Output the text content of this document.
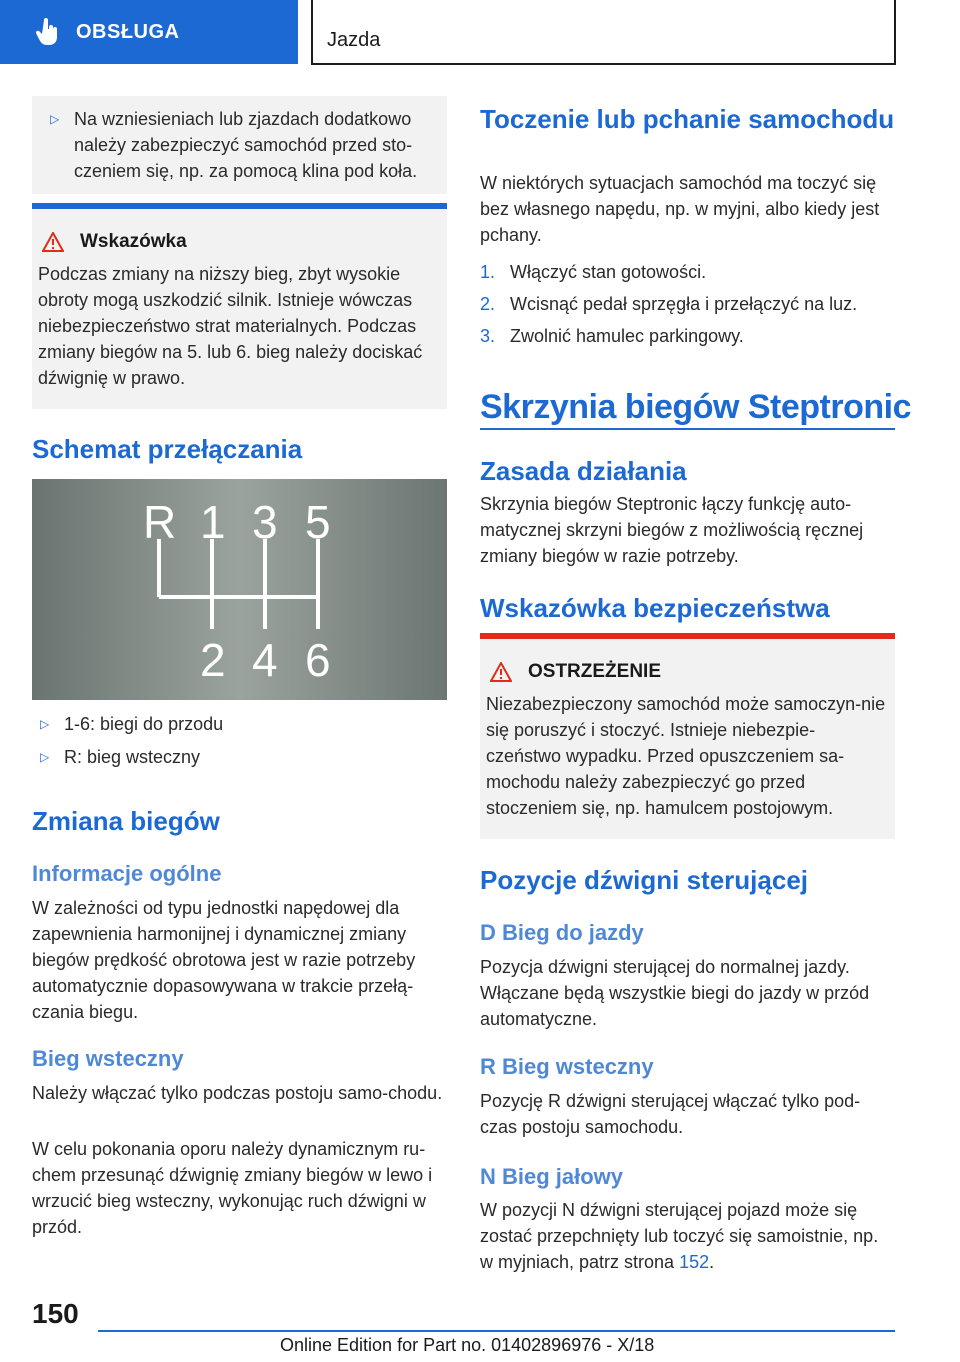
OBSŁUGA	Jazda
▷ Na wzniesieniach lub zjazdach dodatkowo należy zabezpieczyć samochód przed sto-czeniem się, np. za pomocą klina pod koła.
Wskazówka

Podczas zmiany na niższy bieg, zbyt wysokie obroty mogą uszkodzić silnik. Istnieje wówczas niebezpieczeństwo strat materialnych. Podczas zmiany biegów na 5. lub 6. bieg należy dociskać dźwignię w prawo.

Schemat przełączania
R 1 3 5
2 4 6
▷ 1-6: biegi do przodu
▷ R: bieg wsteczny
Zmiana biegów
Informacje ogólne

W zależności od typu jednostki napędowej dla zapewnienia harmonijnej i dynamicznej zmiany biegów prędkość obrotowa jest w razie potrzeby automatycznie dopasowywana w trakcie przełą-czania biegu.

Bieg wsteczny

Należy włączać tylko podczas postoju samo-chodu.

W celu pokonania oporu należy dynamicznym ru-chem przesunąć dźwignię zmiany biegów w lewo i wrzucić bieg wsteczny, wykonując ruch dźwigni w przód.

Toczenie lub pchanie samochodu

W niektórych sytuacjach samochód ma toczyć się bez własnego napędu, np. w myjni, albo kiedy jest pchany.

1. Włączyć stan gotowości.
2. Wcisnąć pedał sprzęgła i przełączyć na luz.
3. Zwolnić hamulec parkingowy.
Skrzynia biegów Steptronic
Zasada działania

Skrzynia biegów Steptronic łączy funkcję auto-matycznej skrzyni biegów z możliwością ręcznej zmiany biegów w razie potrzeby.

Wskazówka bezpieczeństwa
OSTRZEŻENIE

Niezabezpieczony samochód może samoczyn-nie się poruszyć i stoczyć. Istnieje niebezpie-czeństwo wypadku. Przed opuszczeniem sa-mochodu należy zabezpieczyć go przed stoczeniem się, np. hamulcem postojowym.

Pozycje dźwigni sterującej
D Bieg do jazdy

Pozycja dźwigni sterującej do normalnej jazdy. Włączane będą wszystkie biegi do jazdy w przód automatyczne.

R Bieg wsteczny

Pozycję R dźwigni sterującej włączać tylko pod-czas postoju samochodu.

N Bieg jałowy

W pozycji N dźwigni sterującej pojazd może się zostać przepchnięty lub toczyć się samoistnie, np. w myjniach, patrz strona 152.

150
Online Edition for Part no. 01402896976 - X/18
